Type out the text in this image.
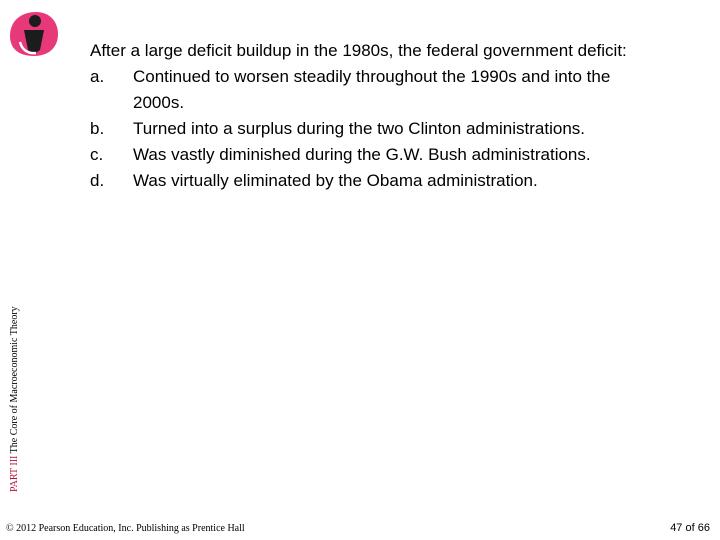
PART III The Core of Macroeconomic Theory

After a large deficit buildup in the 1980s, the federal government deficit:

a.	Continued to worsen steadily throughout the 1990s and into the 2000s.
b.	Turned into a surplus during the two Clinton administrations.
c.	Was vastly diminished during the G.W. Bush administrations.
d.	Was virtually eliminated by the Obama administration.
© 2012 Pearson Education, Inc. Publishing as Prentice Hall	47 of 66
